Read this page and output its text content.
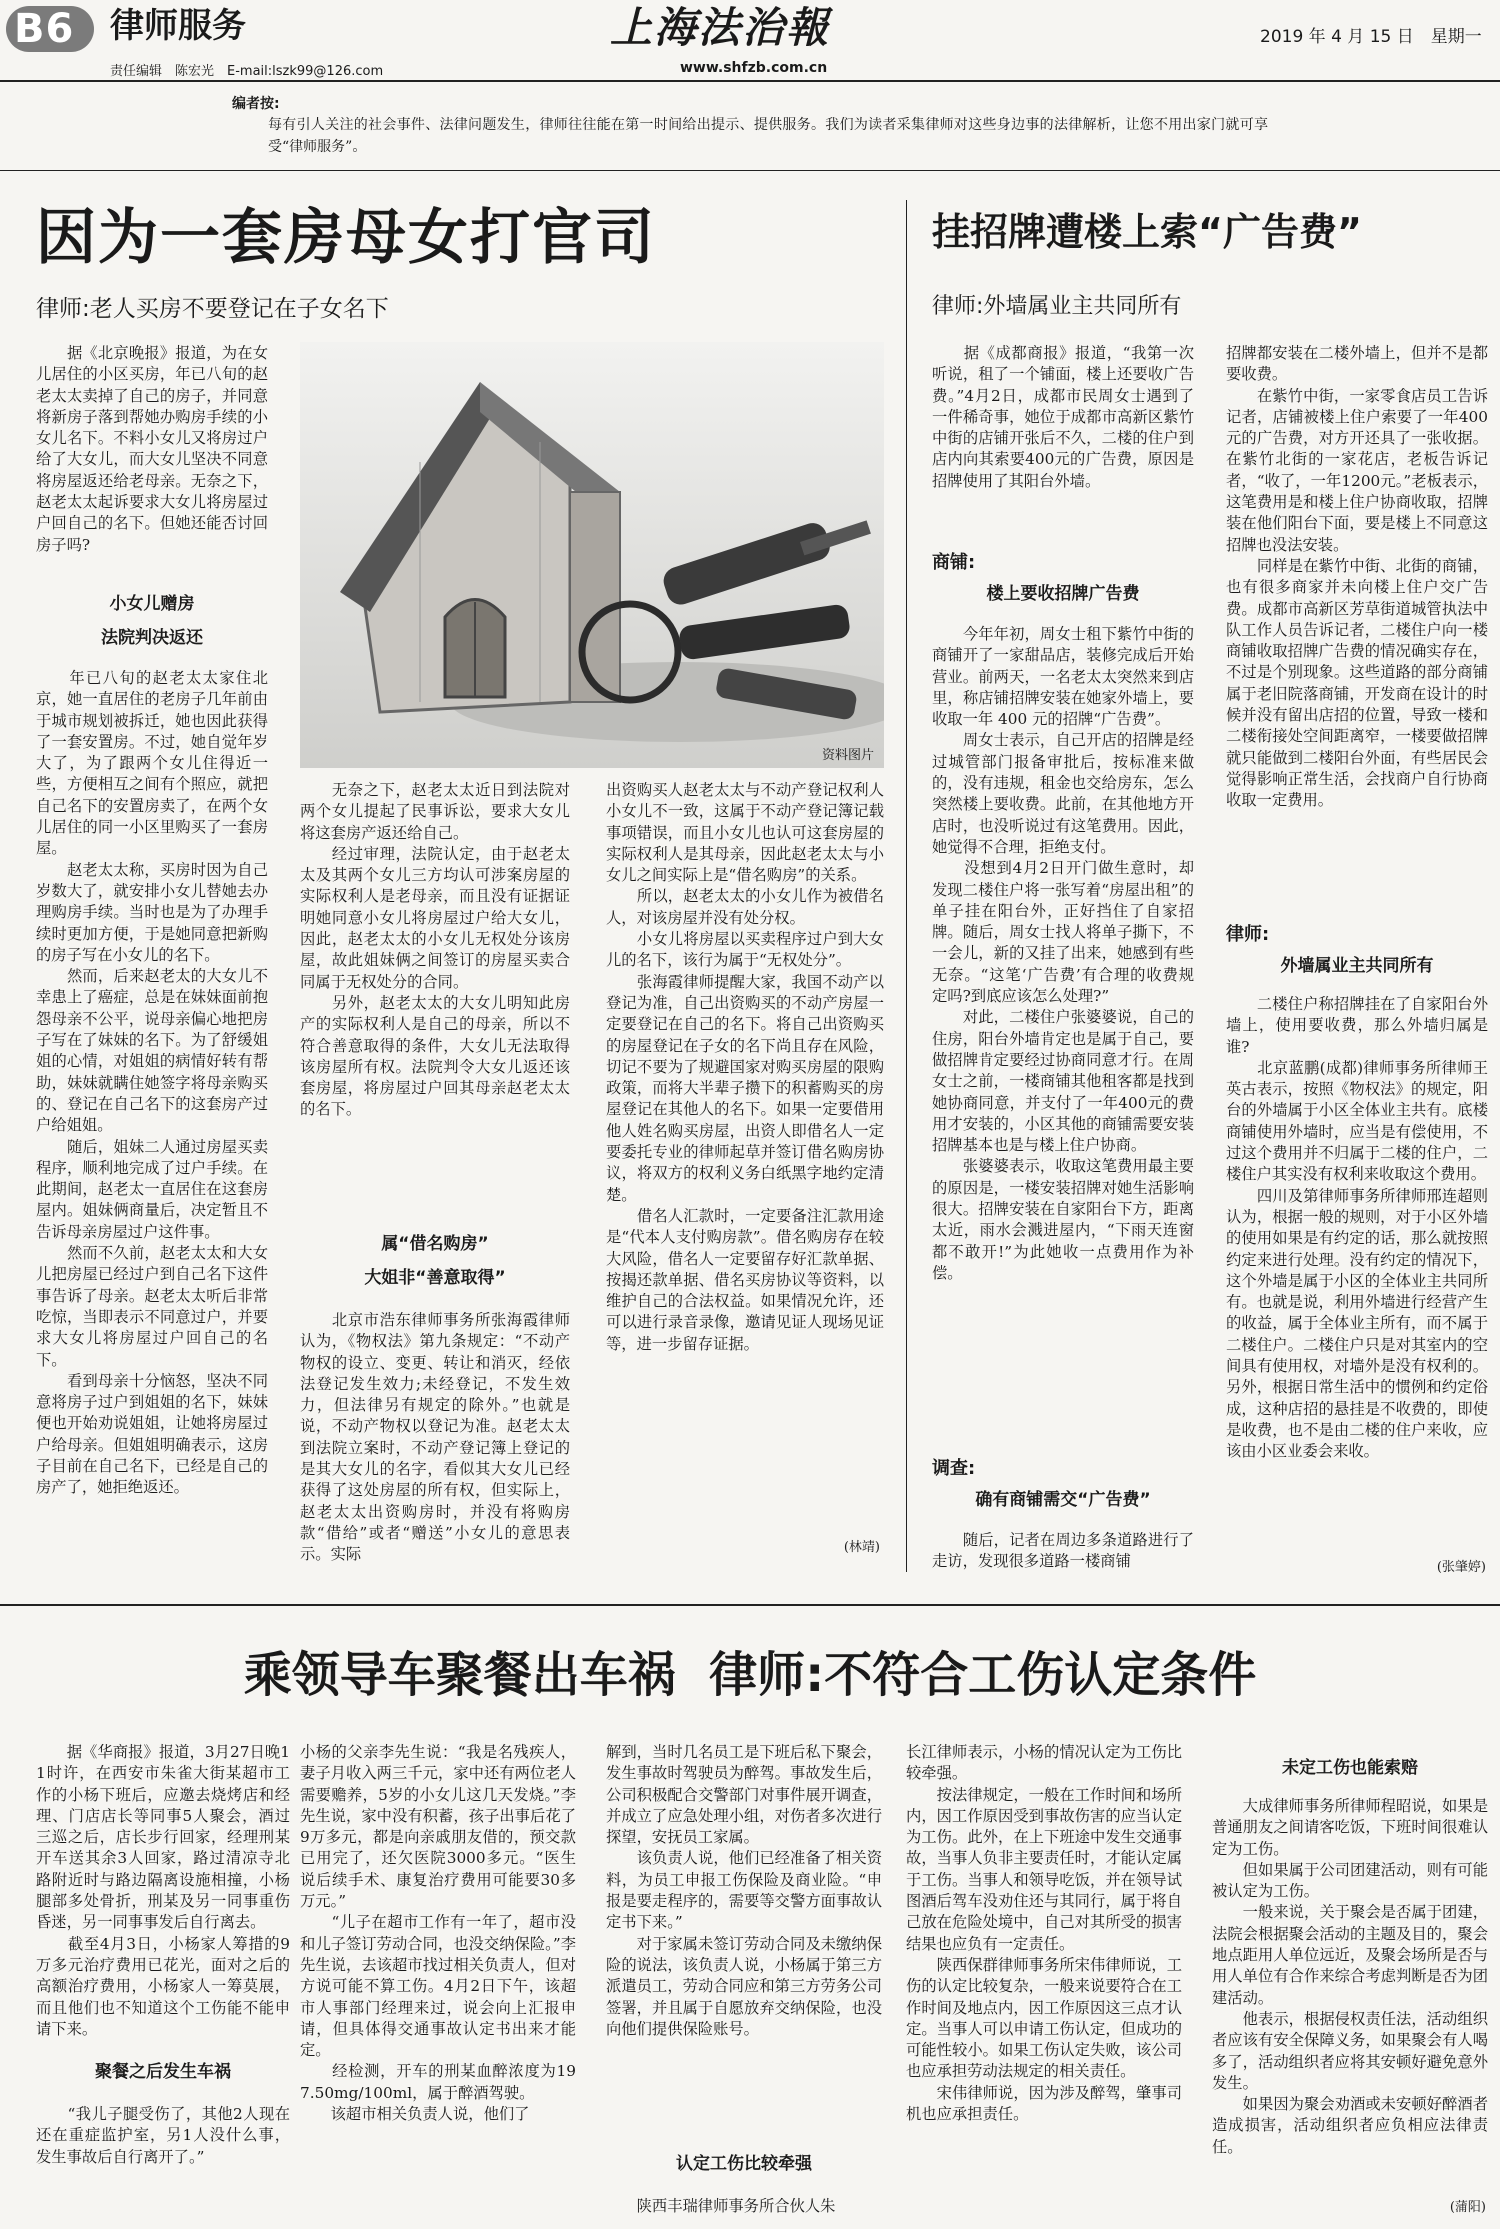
B6 律师服务
责任编辑　陈宏光　E-mail:lszk99@126.com
上海法治報
www.shfzb.com.cn
2019 年 4 月 15 日　星期一
编者按:

每有引人关注的社会事件、法律问题发生，律师往往能在第一时间给出提示、提供服务。我们为读者采集律师对这些身边事的法律解析，让您不用出家门就可享受“律师服务”。

因为一套房母女打官司
律师:老人买房不要登记在子女名下

　　据《北京晚报》报道，为在女儿居住的小区买房，年已八旬的赵老太太卖掉了自己的房子，并同意将新房子落到帮她办购房手续的小女儿名下。不料小女儿又将房过户给了大女儿，而大女儿坚决不同意将房屋返还给老母亲。无奈之下，赵老太太起诉要求大女儿将房屋过户回自己的名下。但她还能否讨回房子吗?

小女儿赠房
法院判决返还

　　年已八旬的赵老太太家住北京，她一直居住的老房子几年前由于城市规划被拆迁，她也因此获得了一套安置房。不过，她自觉年岁大了，为了跟两个女儿住得近一些，方便相互之间有个照应，就把自己名下的安置房卖了，在两个女儿居住的同一小区里购买了一套房屋。
　　赵老太太称，买房时因为自己岁数大了，就安排小女儿替她去办理购房手续。当时也是为了办理手续时更加方便，于是她同意把新购的房子写在小女儿的名下。
　　然而，后来赵老太的大女儿不幸患上了癌症，总是在妹妹面前抱怨母亲不公平，说母亲偏心地把房子写在了妹妹的名下。为了舒缓姐姐的心情，对姐姐的病情好转有帮助，妹妹就瞒住她签字将母亲购买的、登记在自己名下的这套房产过户给姐姐。
　　随后，姐妹二人通过房屋买卖程序，顺利地完成了过户手续。在此期间，赵老太一直居住在这套房屋内。姐妹俩商量后，决定暂且不告诉母亲房屋过户这件事。
　　然而不久前，赵老太太和大女儿把房屋已经过户到自己名下这件事告诉了母亲。赵老太太听后非常吃惊，当即表示不同意过户，并要求大女儿将房屋过户回自己的名下。
　　看到母亲十分恼怒，坚决不同意将房子过户到姐姐的名下，妹妹便也开始劝说姐姐，让她将房屋过户给母亲。但姐姐明确表示，这房子目前在自己名下，已经是自己的房产了，她拒绝返还。

资料图片

　　无奈之下，赵老太太近日到法院对两个女儿提起了民事诉讼，要求大女儿将这套房产返还给自己。
　　经过审理，法院认定，由于赵老太太及其两个女儿三方均认可涉案房屋的实际权利人是老母亲，而且没有证据证明她同意小女儿将房屋过户给大女儿，因此，赵老太太的小女儿无权处分该房屋，故此姐妹俩之间签订的房屋买卖合同属于无权处分的合同。
　　另外，赵老太太的大女儿明知此房产的实际权利人是自己的母亲，所以不符合善意取得的条件，大女儿无法取得该房屋所有权。法院判令大女儿返还该套房屋，将房屋过户回其母亲赵老太太的名下。

属“借名购房”
大姐非“善意取得”

　　北京市浩东律师事务所张海霞律师认为，《物权法》第九条规定：“不动产物权的设立、变更、转让和消灭，经依法登记发生效力;未经登记，不发生效力，但法律另有规定的除外。”也就是说，不动产物权以登记为准。赵老太太到法院立案时，不动产登记簿上登记的是其大女儿的名字，看似其大女儿已经获得了这处房屋的所有权，但实际上，赵老太太出资购房时，并没有将购房款“借给”或者“赠送”小女儿的意思表示。实际

出资购买人赵老太太与不动产登记权利人小女儿不一致，这属于不动产登记簿记载事项错误，而且小女儿也认可这套房屋的实际权利人是其母亲，因此赵老太太与小女儿之间实际上是“借名购房”的关系。
　　所以，赵老太太的小女儿作为被借名人，对该房屋并没有处分权。
　　小女儿将房屋以买卖程序过户到大女儿的名下，该行为属于“无权处分”。
　　张海霞律师提醒大家，我国不动产以登记为准，自己出资购买的不动产房屋一定要登记在自己的名下。将自己出资购买的房屋登记在子女的名下尚且存在风险，切记不要为了规避国家对购买房屋的限购政策，而将大半辈子攒下的积蓄购买的房屋登记在其他人的名下。如果一定要借用他人姓名购买房屋，出资人即借名人一定要委托专业的律师起草并签订借名购房协议，将双方的权利义务白纸黑字地约定清楚。
　　借名人汇款时，一定要备注汇款用途是“代本人支付购房款”。借名购房存在较大风险，借名人一定要留存好汇款单据、按揭还款单据、借名买房协议等资料，以维护自己的合法权益。如果情况允许，还可以进行录音录像，邀请见证人现场见证等，进一步留存证据。

(林靖)
挂招牌遭楼上索“广告费”
律师:外墙属业主共同所有

　　据《成都商报》报道，“我第一次听说，租了一个铺面，楼上还要收广告费。”4月2日，成都市民周女士遇到了一件稀奇事，她位于成都市高新区紫竹中街的店铺开张后不久，二楼的住户到店内向其索要400元的广告费，原因是招牌使用了其阳台外墙。

商铺:
楼上要收招牌广告费

　　今年年初，周女士租下紫竹中街的商铺开了一家甜品店，装修完成后开始营业。前两天，一名老太太突然来到店里，称店铺招牌安装在她家外墙上，要收取一年 400 元的招牌“广告费”。
　　周女士表示，自己开店的招牌是经过城管部门报备审批后，按标准来做的，没有违规，租金也交给房东，怎么突然楼上要收费。此前，在其他地方开店时，也没听说过有这笔费用。因此，她觉得不合理，拒绝支付。
　　没想到4月2日开门做生意时，却发现二楼住户将一张写着“房屋出租”的单子挂在阳台外，正好挡住了自家招牌。随后，周女士找人将单子撕下，不一会儿，新的又挂了出来，她感到有些无奈。“这笔‘广告费’有合理的收费规定吗?到底应该怎么处理?”
　　对此，二楼住户张婆婆说，自己的住房，阳台外墙肯定也是属于自己，要做招牌肯定要经过协商同意才行。在周女士之前，一楼商铺其他租客都是找到她协商同意，并支付了一年400元的费用才安装的，小区其他的商铺需要安装招牌基本也是与楼上住户协商。
　　张婆婆表示，收取这笔费用最主要的原因是，一楼安装招牌对她生活影响很大。招牌安装在自家阳台下方，距离太近，雨水会溅进屋内，“下雨天连窗都不敢开!”为此她收一点费用作为补偿。

调查:
确有商铺需交“广告费”

　　随后，记者在周边多条道路进行了走访，发现很多道路一楼商铺

招牌都安装在二楼外墙上，但并不是都要收费。
　　在紫竹中街，一家零食店员工告诉记者，店铺被楼上住户索要了一年400元的广告费，对方开还具了一张收据。在紫竹北街的一家花店，老板告诉记者，“收了，一年1200元。”老板表示，这笔费用是和楼上住户协商收取，招牌装在他们阳台下面，要是楼上不同意这招牌也没法安装。
　　同样是在紫竹中街、北街的商铺，也有很多商家并未向楼上住户交广告费。成都市高新区芳草街道城管执法中队工作人员告诉记者，二楼住户向一楼商铺收取招牌广告费的情况确实存在，不过是个别现象。这些道路的部分商铺属于老旧院落商铺，开发商在设计的时候并没有留出店招的位置，导致一楼和二楼衔接处空间距离窄，一楼要做招牌就只能做到二楼阳台外面，有些居民会觉得影响正常生活，会找商户自行协商收取一定费用。

律师:
外墙属业主共同所有

　　二楼住户称招牌挂在了自家阳台外墙上，使用要收费，那么外墙归属是谁?
　　北京蓝鹏(成都)律师事务所律师王英古表示，按照《物权法》的规定，阳台的外墙属于小区全体业主共有。底楼商铺使用外墙时，应当是有偿使用，不过这个费用并不归属于二楼的住户，二楼住户其实没有权利来收取这个费用。
　　四川及第律师事务所律师邢连超则认为，根据一般的规则，对于小区外墙的使用如果是有约定的话，那么就按照约定来进行处理。没有约定的情况下，这个外墙是属于小区的全体业主共同所有。也就是说，利用外墙进行经营产生的收益，属于全体业主所有，而不属于二楼住户。二楼住户只是对其室内的空间具有使用权，对墙外是没有权利的。另外，根据日常生活中的惯例和约定俗成，这种店招的悬挂是不收费的，即使是收费，也不是由二楼的住户来收，应该由小区业委会来收。

(张肇婷)
乘领导车聚餐出车祸  律师:不符合工伤认定条件

　　据《华商报》报道，3月27日晚11时许，在西安市朱雀大街某超市工作的小杨下班后，应邀去烧烤店和经理、门店店长等同事5人聚会，酒过三巡之后，店长步行回家，经理刑某开车送其余3人回家，路过清凉寺北路附近时与路边隔离设施相撞，小杨腿部多处骨折，刑某及另一同事重伤昏迷，另一同事事发后自行离去。
　　截至4月3日，小杨家人筹措的9万多元治疗费用已花光，面对之后的高额治疗费用，小杨家人一筹莫展，而且他们也不知道这个工伤能不能申请下来。

聚餐之后发生车祸

　　“我儿子腿受伤了，其他2人现在还在重症监护室，另1人没什么事，发生事故后自行离开了。”

小杨的父亲李先生说：“我是名残疾人，妻子月收入两三千元，家中还有两位老人需要赡养，5岁的小女儿这几天发烧。”李先生说，家中没有积蓄，孩子出事后花了9万多元，都是向亲戚朋友借的，预交款已用完了，还欠医院3000多元。“医生说后续手术、康复治疗费用可能要30多万元。”
　　“儿子在超市工作有一年了，超市没和儿子签订劳动合同，也没交纳保险。”李先生说，去该超市找过相关负责人，但对方说可能不算工伤。4月2日下午，该超市人事部门经理来过，说会向上汇报申请，但具体得交通事故认定书出来才能定。
　　经检测，开车的刑某血醉浓度为197.50mg/100ml，属于醉酒驾驶。
　　该超市相关负责人说，他们了

解到，当时几名员工是下班后私下聚会，发生事故时驾驶员为醉驾。事故发生后，公司积极配合交警部门对事件展开调查，并成立了应急处理小组，对伤者多次进行探望，安抚员工家属。
　　该负责人说，他们已经准备了相关资料，为员工申报工伤保险及商业险。“申报是要走程序的，需要等交警方面事故认定书下来。”
　　对于家属未签订劳动合同及未缴纳保险的说法，该负责人说，小杨属于第三方派遣员工，劳动合同应和第三方劳务公司签署，并且属于自愿放弃交纳保险，也没向他们提供保险账号。

认定工伤比较牵强

　　陕西丰瑞律师事务所合伙人朱

长江律师表示，小杨的情况认定为工伤比较牵强。
　　按法律规定，一般在工作时间和场所内，因工作原因受到事故伤害的应当认定为工伤。此外，在上下班途中发生交通事故，当事人负非主要责任时，才能认定属于工伤。当事人和领导吃饭，并在领导试图酒后驾车没劝住还与其同行，属于将自己放在危险处境中，自己对其所受的损害结果也应负有一定责任。
　　陕西保群律师事务所宋伟律师说，工伤的认定比较复杂，一般来说要符合在工作时间及地点内，因工作原因这三点才认定。当事人可以申请工伤认定，但成功的可能性较小。如果工伤认定失败，该公司也应承担劳动法规定的相关责任。
　　宋伟律师说，因为涉及醉驾，肇事司机也应承担责任。

未定工伤也能索赔

　　大成律师事务所律师程昭说，如果是普通朋友之间请客吃饭，下班时间很难认定为工伤。
　　但如果属于公司团建活动，则有可能被认定为工伤。
　　一般来说，关于聚会是否属于团建，法院会根据聚会活动的主题及目的，聚会地点距用人单位远近，及聚会场所是否与用人单位有合作来综合考虑判断是否为团建活动。
　　他表示，根据侵权责任法，活动组织者应该有安全保障义务，如果聚会有人喝多了，活动组织者应将其安顿好避免意外发生。
　　如果因为聚会劝酒或未安顿好醉酒者造成损害，活动组织者应负相应法律责任。

(蒲阳)
